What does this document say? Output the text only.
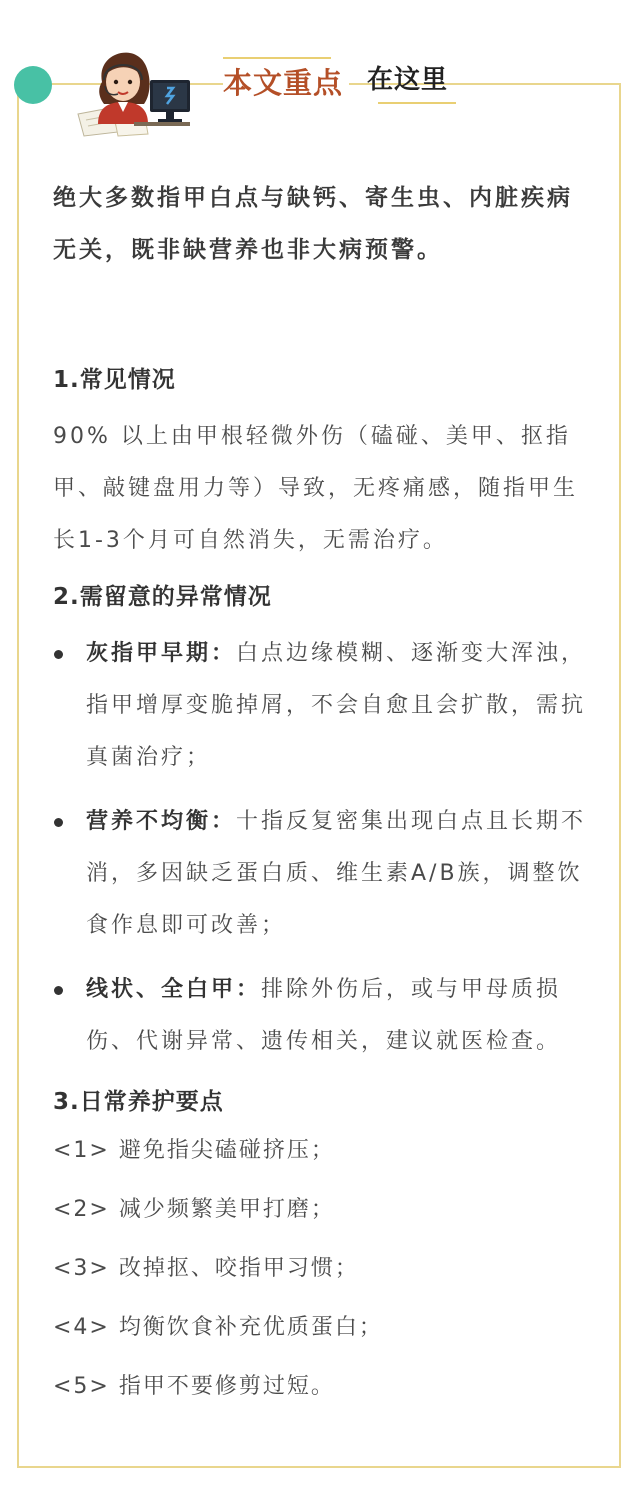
本文重点 在这里

绝大多数指甲白点与缺钙、寄生虫、内脏疾病无关，既非缺营养也非大病预警。

1.常见情况

90% 以上由甲根轻微外伤（磕碰、美甲、抠指甲、敲键盘用力等）导致，无疼痛感，随指甲生长1-3个月可自然消失，无需治疗。

2.需留意的异常情况

灰指甲早期：白点边缘模糊、逐渐变大浑浊，指甲增厚变脆掉屑，不会自愈且会扩散，需抗真菌治疗；
营养不均衡：十指反复密集出现白点且长期不消，多因缺乏蛋白质、维生素A/B族，调整饮食作息即可改善；
线状、全白甲：排除外伤后，或与甲母质损伤、代谢异常、遗传相关，建议就医检查。

3.日常养护要点

<1> 避免指尖磕碰挤压；
<2> 减少频繁美甲打磨；
<3> 改掉抠、咬指甲习惯；
<4> 均衡饮食补充优质蛋白；
<5> 指甲不要修剪过短。
